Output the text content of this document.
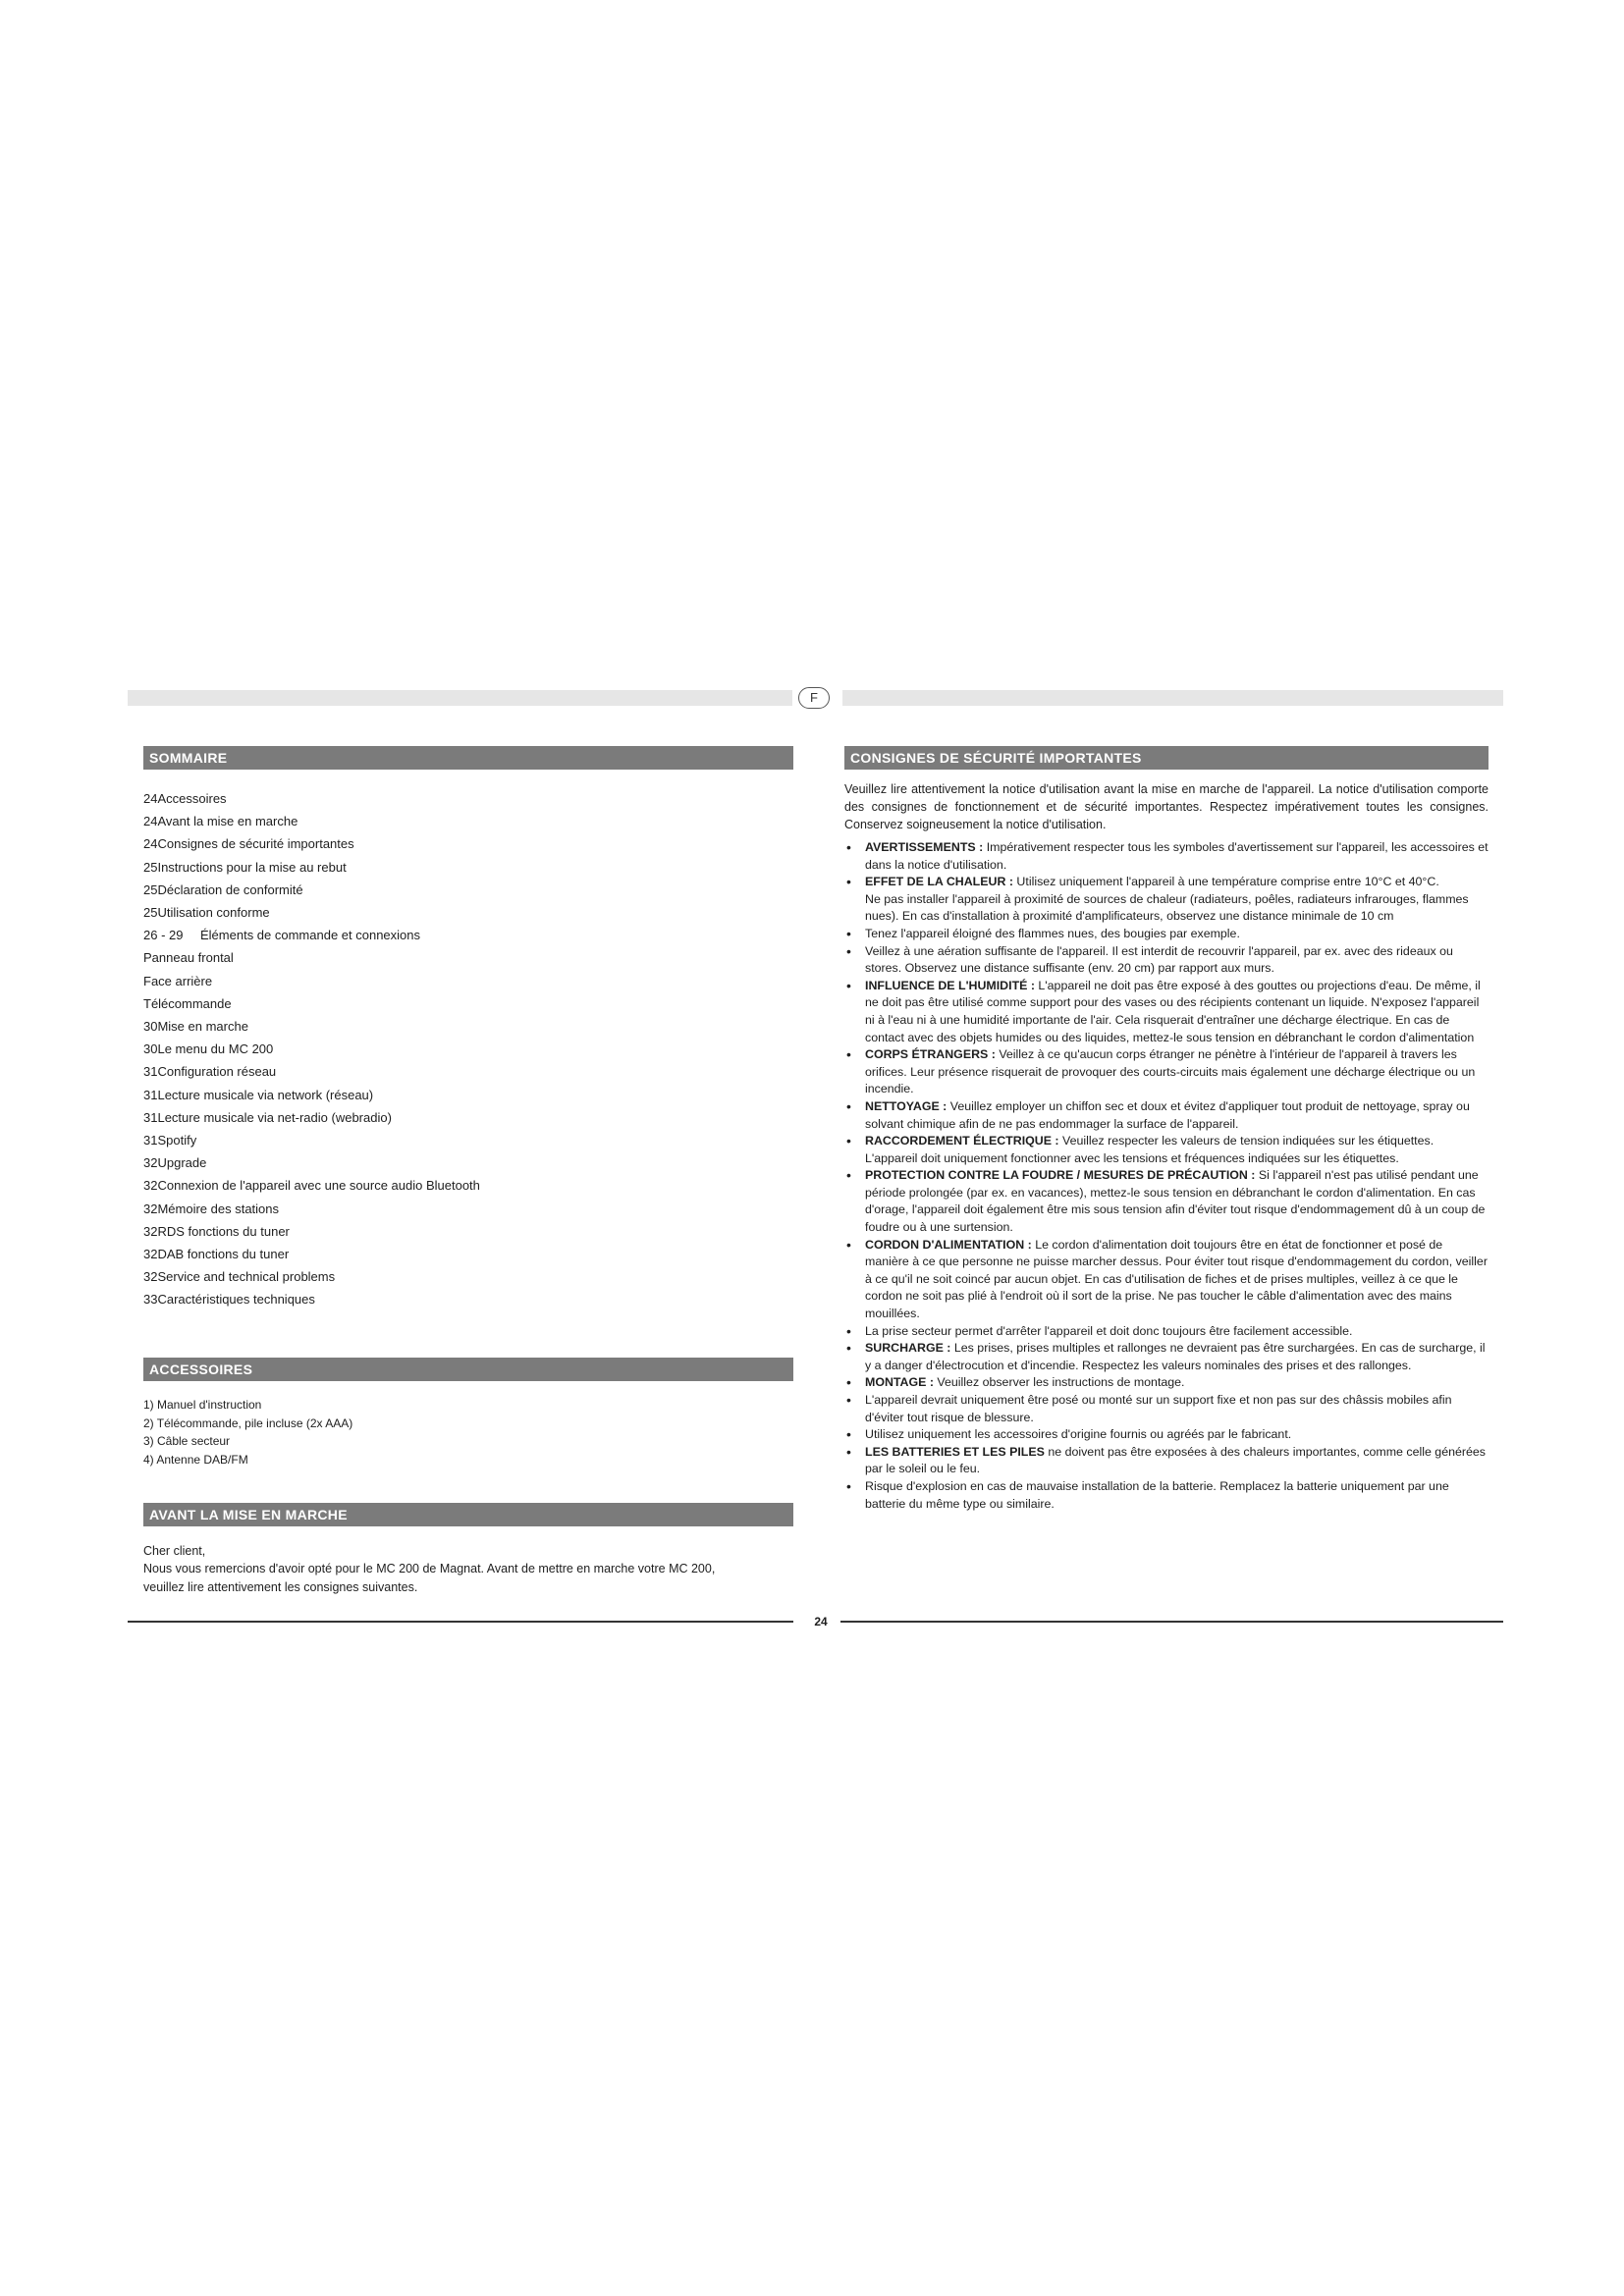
F
SOMMAIRE
24Accessoires
24Avant la mise en marche
24Consignes de sécurité importantes
25Instructions pour la mise au rebut
25Déclaration de conformité
25Utilisation conforme
26 - 29 Éléments de commande et connexions
Panneau frontal
Face arrière
Télécommande
30Mise en marche
30Le menu du MC 200
31Configuration réseau
31Lecture musicale via network (réseau)
31Lecture musicale via net-radio (webradio)
31Spotify
32Upgrade
32Connexion de l'appareil avec une source audio Bluetooth
32Mémoire des stations
32RDS fonctions du tuner
32DAB fonctions du tuner
32Service and technical problems
33Caractéristiques techniques
ACCESSOIRES
1) Manuel d'instruction
2) Télécommande, pile incluse (2x AAA)
3) Câble secteur
4) Antenne DAB/FM
AVANT LA MISE EN MARCHE
Cher client,
Nous vous remercions d'avoir opté pour le MC 200 de Magnat. Avant de mettre en marche votre MC 200, veuillez lire attentivement les consignes suivantes.
CONSIGNES DE SÉCURITÉ IMPORTANTES
Veuillez lire attentivement la notice d'utilisation avant la mise en marche de l'appareil. La notice d'utilisation comporte des consignes de fonctionnement et de sécurité importantes. Respectez impérativement toutes les consignes. Conservez soigneusement la notice d'utilisation.
• AVERTISSEMENTS : Impérativement respecter tous les symboles d'avertissement sur l'appareil, les accessoires et dans la notice d'utilisation.
• EFFET DE LA CHALEUR : Utilisez uniquement l'appareil à une température comprise entre 10°C et 40°C.
Ne pas installer l'appareil à proximité de sources de chaleur (radiateurs, poêles, radiateurs infrarouges, flammes nues). En cas d'installation à proximité d'amplificateurs, observez une distance minimale de 10 cm
• Tenez l'appareil éloigné des flammes nues, des bougies par exemple.
• Veillez à une aération suffisante de l'appareil. Il est interdit de recouvrir l'appareil, par ex. avec des rideaux ou stores. Observez une distance suffisante (env. 20 cm) par rapport aux murs.
• INFLUENCE DE L'HUMIDITÉ : L'appareil ne doit pas être exposé à des gouttes ou projections d'eau. De même, il ne doit pas être utilisé comme support pour des vases ou des récipients contenant un liquide. N'exposez l'appareil ni à l'eau ni à une humidité importante de l'air. Cela risquerait d'entraîner une décharge électrique. En cas de contact avec des objets humides ou des liquides, mettez-le sous tension en débranchant le cordon d'alimentation
• CORPS ÉTRANGERS : Veillez à ce qu'aucun corps étranger ne pénètre à l'intérieur de l'appareil à travers les orifices. Leur présence risquerait de provoquer des courts-circuits mais également une décharge électrique ou un incendie.
• NETTOYAGE : Veuillez employer un chiffon sec et doux et évitez d'appliquer tout produit de nettoyage, spray ou solvant chimique afin de ne pas endommager la surface de l'appareil.
• RACCORDEMENT ÉLECTRIQUE : Veuillez respecter les valeurs de tension indiquées sur les étiquettes. L'appareil doit uniquement fonctionner avec les tensions et fréquences indiquées sur les étiquettes.
• PROTECTION CONTRE LA FOUDRE / MESURES DE PRÉCAUTION : Si l'appareil n'est pas utilisé pendant une période prolongée (par ex. en vacances), mettez-le sous tension en débranchant le cordon d'alimentation. En cas d'orage, l'appareil doit également être mis sous tension afin d'éviter tout risque d'endommagement dû à un coup de foudre ou à une surtension.
• CORDON D'ALIMENTATION : Le cordon d'alimentation doit toujours être en état de fonctionner et posé de manière à ce que personne ne puisse marcher dessus. Pour éviter tout risque d'endommagement du cordon, veiller à ce qu'il ne soit coincé par aucun objet. En cas d'utilisation de fiches et de prises multiples, veillez à ce que le cordon ne soit pas plié à l'endroit où il sort de la prise. Ne pas toucher le câble d'alimentation avec des mains mouillées.
• La prise secteur permet d'arrêter l'appareil et doit donc toujours être facilement accessible.
• SURCHARGE : Les prises, prises multiples et rallonges ne devraient pas être surchargées. En cas de surcharge, il y a danger d'électrocution et d'incendie. Respectez les valeurs nominales des prises et des rallonges.
• MONTAGE : Veuillez observer les instructions de montage.
• L'appareil devrait uniquement être posé ou monté sur un support fixe et non pas sur des châssis mobiles afin d'éviter tout risque de blessure.
• Utilisez uniquement les accessoires d'origine fournis ou agréés par le fabricant.
• LES BATTERIES ET LES PILES ne doivent pas être exposées à des chaleurs importantes, comme celle générées par le soleil ou le feu.
• Risque d'explosion en cas de mauvaise installation de la batterie. Remplacez la batterie uniquement par une batterie du même type ou similaire.
24
